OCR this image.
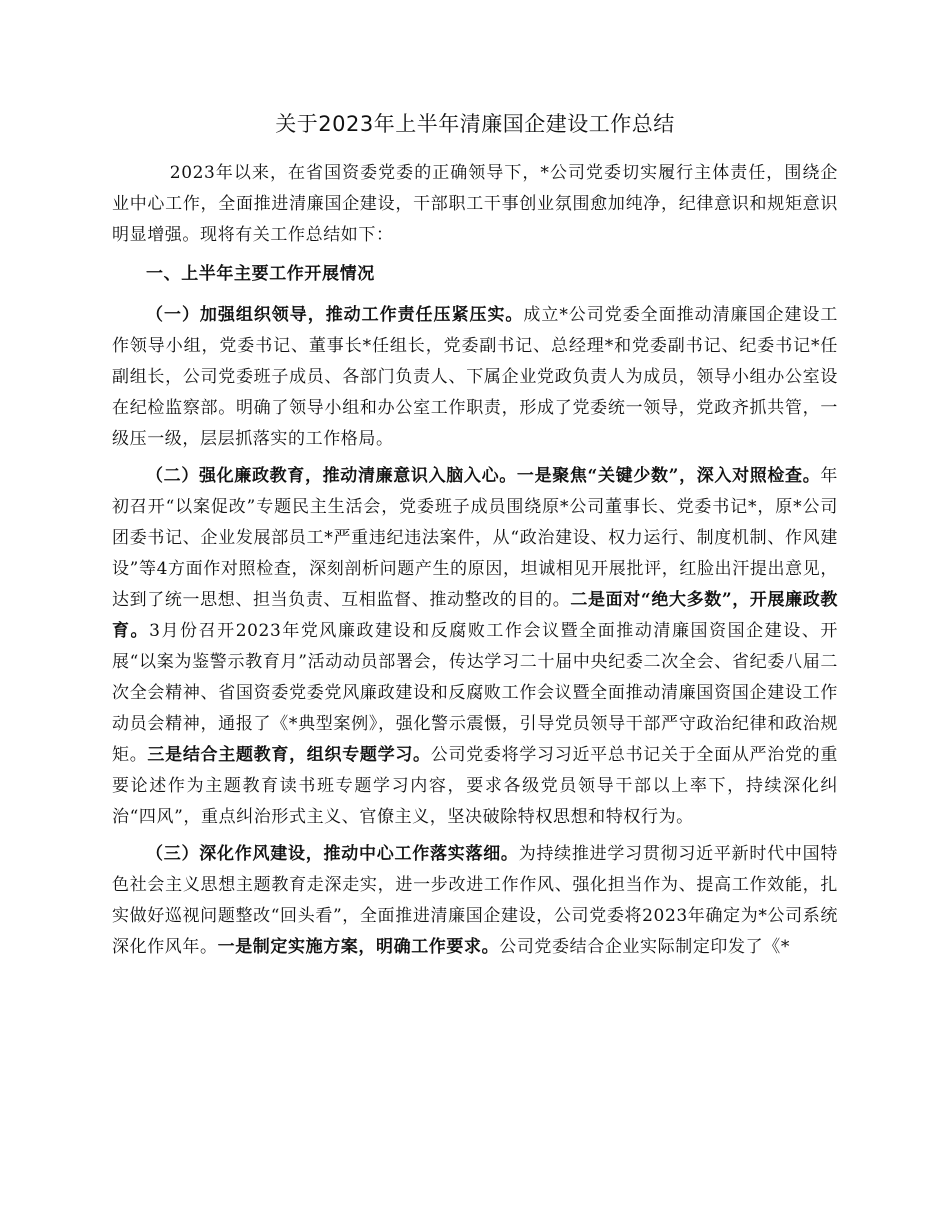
关于2023年上半年清廉国企建设工作总结

2023年以来，在省国资委党委的正确领导下，*公司党委切实履行主体责任，围绕企业中心工作，全面推进清廉国企建设，干部职工干事创业氛围愈加纯净，纪律意识和规矩意识明显增强。现将有关工作总结如下：

一、上半年主要工作开展情况

（一）加强组织领导，推动工作责任压紧压实。成立*公司党委全面推动清廉国企建设工作领导小组，党委书记、董事长*任组长，党委副书记、总经理*和党委副书记、纪委书记*任副组长，公司党委班子成员、各部门负责人、下属企业党政负责人为成员，领导小组办公室设在纪检监察部。明确了领导小组和办公室工作职责，形成了党委统一领导，党政齐抓共管，一级压一级，层层抓落实的工作格局。

（二）强化廉政教育，推动清廉意识入脑入心。一是聚焦“关键少数”，深入对照检查。年初召开“以案促改”专题民主生活会，党委班子成员围绕原*公司董事长、党委书记*，原*公司团委书记、企业发展部员工*严重违纪违法案件，从“政治建设、权力运行、制度机制、作风建设”等4方面作对照检查，深刻剖析问题产生的原因，坦诚相见开展批评，红脸出汗提出意见，达到了统一思想、担当负责、互相监督、推动整改的目的。二是面对“绝大多数”，开展廉政教育。3月份召开2023年党风廉政建设和反腐败工作会议暨全面推动清廉国资国企建设、开展“以案为鉴警示教育月”活动动员部署会，传达学习二十届中央纪委二次全会、省纪委八届二次全会精神、省国资委党委党风廉政建设和反腐败工作会议暨全面推动清廉国资国企建设工作动员会精神，通报了《*典型案例》，强化警示震慑，引导党员领导干部严守政治纪律和政治规矩。三是结合主题教育，组织专题学习。公司党委将学习习近平总书记关于全面从严治党的重要论述作为主题教育读书班专题学习内容，要求各级党员领导干部以上率下，持续深化纠治“四风”，重点纠治形式主义、官僚主义，坚决破除特权思想和特权行为。

（三）深化作风建设，推动中心工作落实落细。为持续推进学习贯彻习近平新时代中国特色社会主义思想主题教育走深走实，进一步改进工作作风、强化担当作为、提高工作效能，扎实做好巡视问题整改“回头看”，全面推进清廉国企建设，公司党委将2023年确定为*公司系统深化作风年。一是制定实施方案，明确工作要求。公司党委结合企业实际制定印发了《*
